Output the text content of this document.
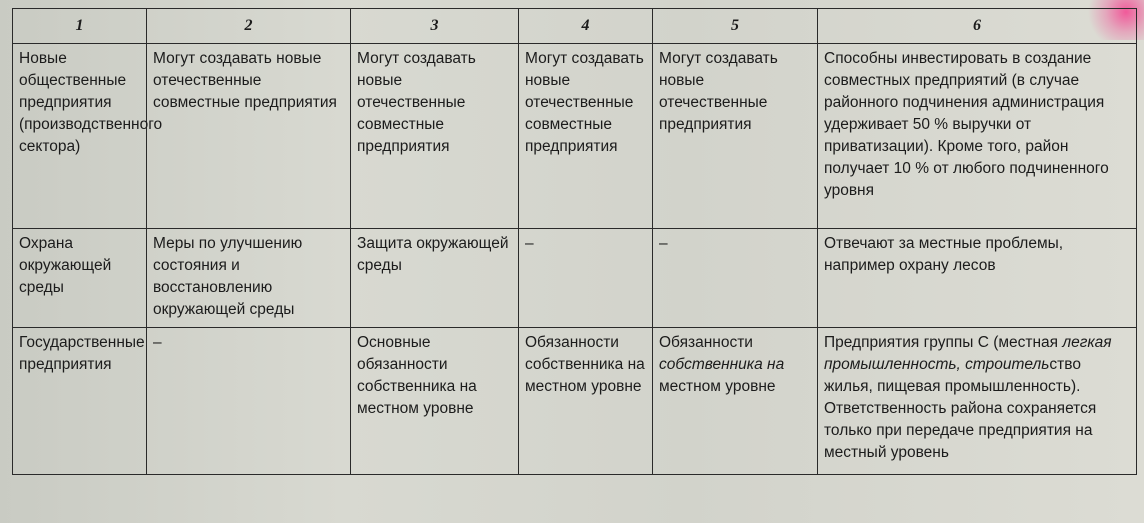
1	2	3	4	5	6
Новые общественные предприятия (производственного сектора)	Могут создавать новые отечественные совместные предприятия	Могут создавать новые отечественные совместные предприятия	Могут создавать новые отечественные совместные предприятия	Могут создавать новые отечественные предприятия	Способны инвестировать в создание совместных предприятий (в случае районного подчинения администрация удерживает 50 % выручки от приватизации). Кроме того, район получает 10 % от любого подчиненного уровня
Охрана окружающей среды	Меры по улучшению состояния и восстановлению окружающей среды	Защита окружающей среды	–	–	Отвечают за местные проблемы, например охрану лесов
Государственные предприятия	–	Основные обязанности собственника на местном уровне	Обязанности собственника на местном уровне	Обязанности собственника на местном уровне	Предприятия группы С (местная легкая промышленность, строительство жилья, пищевая промышленность). Ответственность района сохраняется только при передаче предприятия на местный уровень
